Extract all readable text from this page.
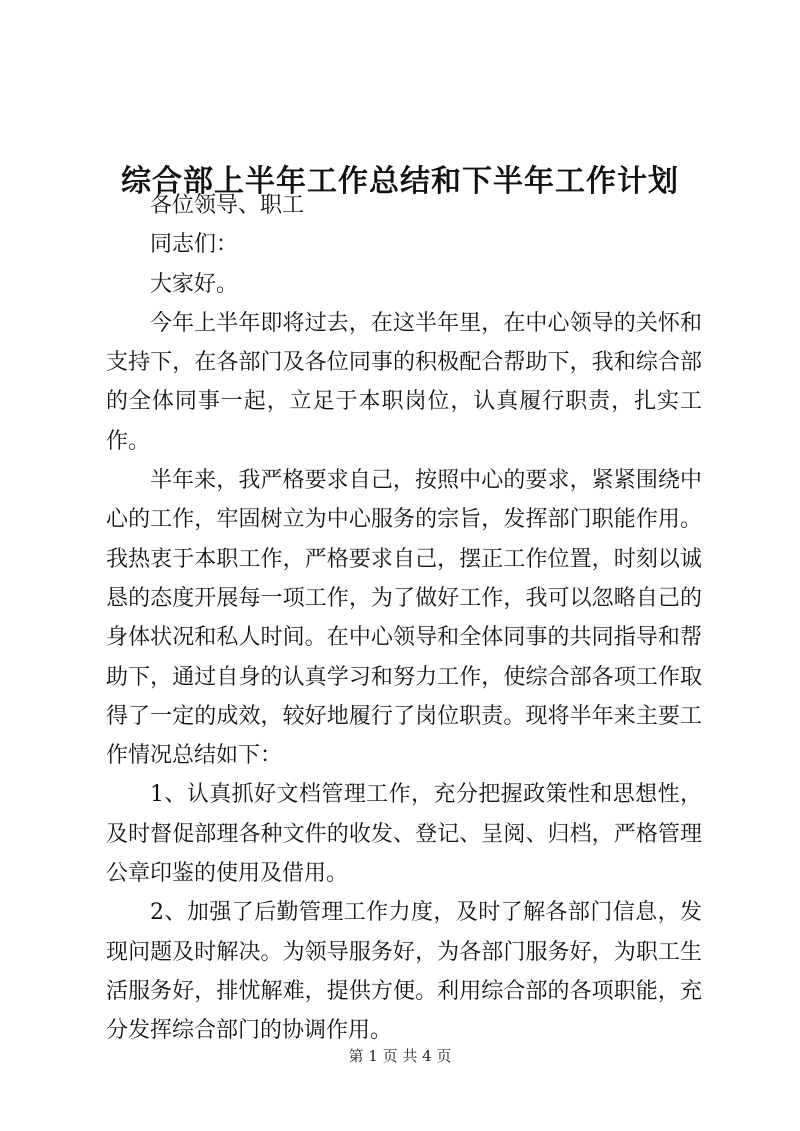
综合部上半年工作总结和下半年工作计划

各位领导、职工

同志们：

大家好。

今年上半年即将过去，在这半年里，在中心领导的关怀和支持下，在各部门及各位同事的积极配合帮助下，我和综合部的全体同事一起，立足于本职岗位，认真履行职责，扎实工作。

半年来，我严格要求自己，按照中心的要求，紧紧围绕中心的工作，牢固树立为中心服务的宗旨，发挥部门职能作用。我热衷于本职工作，严格要求自己，摆正工作位置，时刻以诚恳的态度开展每一项工作，为了做好工作，我可以忽略自己的身体状况和私人时间。在中心领导和全体同事的共同指导和帮助下，通过自身的认真学习和努力工作，使综合部各项工作取得了一定的成效，较好地履行了岗位职责。现将半年来主要工作情况总结如下：

1、认真抓好文档管理工作，充分把握政策性和思想性，及时督促部理各种文件的收发、登记、呈阅、归档，严格管理公章印鉴的使用及借用。

2、加强了后勤管理工作力度，及时了解各部门信息，发现问题及时解决。为领导服务好，为各部门服务好，为职工生活服务好，排忧解难，提供方便。利用综合部的各项职能，充分发挥综合部门的协调作用。

第 1 页 共 4 页
